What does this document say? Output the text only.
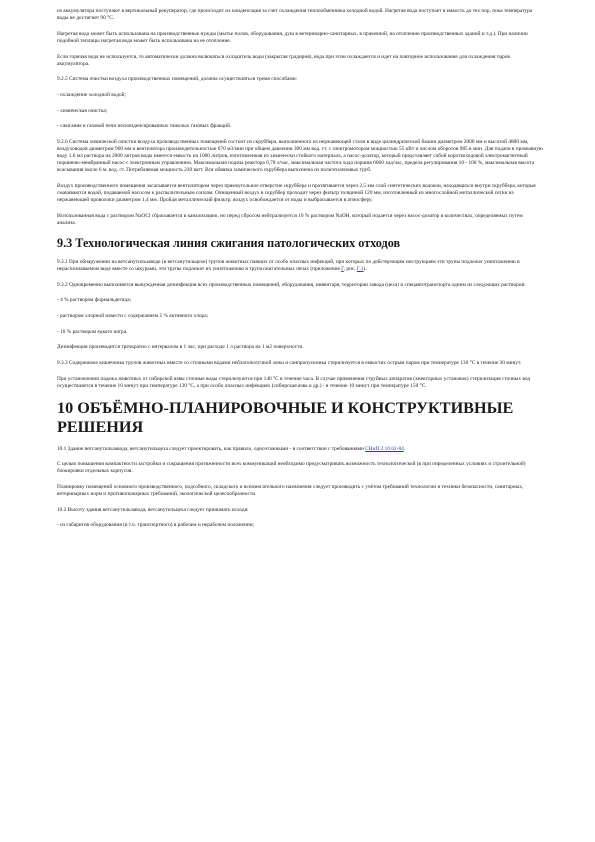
из аккумулятора поступают в вертикальный рекуператор, где происходит их конденсация за счет охлаждения теплообменника холодной водой. Нагретая вода поступает в емкость до тех пор, пока температура воды не достигнет 90 °С.

Нагретая вода может быть использована на производственные нужды (мытье полов, оборудования, душ в ветеринарно-санитарных, в прачечной, на отопление производственных зданий и т.д.). При наличии подобной теплицы нагретая вода может быть использована на ее отопление.

Если горячая вода не используется, то автоматически должна включаться охладитель воды (закрытая градирня), вода при этом охлаждается и идет на повторное использование для охлаждения паров аккумулятора.

9.2.5 Система очистки воздуха производственных помещений, должна осуществляться тремя способами:

- охлаждение холодной водой;

- химическая очистка;

- сжигание в газовой печи несконденсированных тяжелых газовых фракций.

9.2.6 Система химической очистки воздуха производственных помещений состоит из скруббера, выполненного из нержавеющей стали в виде цилиндрической башни диаметром 2000 мм и высотой 4800 мм, воздуховодов диаметром 900 мм и вентилятора производительностью 670 м3/мин при общем давлении 300 мм вод. ст. с электромотором мощностью 55 кВт и числом оборотов 985 в мин. Для подачи в промывную воду 1.6 мл раствора на 2000 литров воды имеется емкость на 1000 литров, изготовленная из химически стойкого материала, а насос-дозатор, который представляет собой короткоходовой электромагнитный поршнево-мембранный насос с электронным управлением. Максимальная подача реактора 0,78 л/час, максимальная частота хода поршня 6000 ход/час, предела регулирования 10 - 100 %, максимальная высота всасывания около 6 м. вод. ст. Потребляемая мощность 230 ватт. Вся обвязка химического скруббера выполнена из полиэтиленовых труб.

Воздух производственного помещения засасывается вентилятором через прямоугольное отверстие скруббера и протягивается через 2,5 мм слой синтетических волокон, находящихся внутри скруббера, которые смачиваются водой, подаваемой насосом к распылительным соплам. Очищенный воздух в скруббер проходит через фильтр толщиной 120 мм, изготовленный из многослойной металлической сетки из нержавеющей проволоки диаметром 1,4 мм. Пройдя металлический фильтр, воздух освобождается от воды и выбрасывается в атмосферу.

Использованная вода с раствором NaOCl сбрасывается в канализацию, но перед сбросом нейтрализуется 10 % раствором NaOH, который подается через насос-дозатор в количествах, определяемых путем анализа.

9.3 Технологическая линия сжигания патологических отходов

9.3.1 При обнаружении на ветсанутильзаводе (в ветсанутильцехе) трупов животных павших от особо опасных инфекций, при которых по действующим инструкциям эти трупы подлежат уничтожению в нераспознаваемом виде вместе со шкурами, эти трупы подлежат их уничтожению в трупосжигательных печах (приложение Г, рис. Г.1).

9.3.2 Одновременно выполняется вынужденная дезинфекция всех производственных помещений, оборудования, инвентаря, территории завода (цеха) и спецавтотранспорта одним из следующих растворов:

- 4 % раствором формальдегида;

- раствором хлорной извести с содержанием 5 % активного хлора;

- 10 % раствором едкого натра.

Дезинфекция производится трехкратно с интервалом в 1 час, при расходе 1 л раствора на 1 м2 поверхности.

9.3.3 Содержимое кишечника трупов животных вместе со сточными водами неблагополучной зоны и санпропускника стерилизуется в емкостях острым паром при температуре 130 °С в течение 30 минут.

При установлении падежа животных от сибирской язвы сточные воды стерилизуются при 140 °С в течение часа. В случае применения струйных аппаратов (эжекторных установок) стерилизация сточных вод осуществляется в течение 10 минут при температуре 130 °С, а при особо опасных инфекциях (сибирская язва и др.) - в течение 10 минут при температуре 150 °С.

10 ОБЪЁМНО-ПЛАНИРОВОЧНЫЕ И КОНСТРУКТИВНЫЕ РЕШЕНИЯ

10.1 Здание ветсанутильзавода, ветсанутильцеха следует проектировать, как правило, одноэтажными - в соответствии с требованиями СНиП 2.10.02-84.

С целью повышения компактности застройки и сокращения протяженности всех коммуникаций необходимо предусматривать возможность технологической (в при определенных условиях и строительной) блокировки отдельных корпусов.

Планировку помещений основного производственного, подсобного, складского и вспомогательного назначения следует производить с учётом требований технологии и техники безопасности, санитарных, ветеринарных норм и противопожарных требований, экологической целесообразности.

10.2 Высоту здания ветсанутильзавода, ветсанутильцеха следует принимать исходя:

- из габаритов оборудования (в т.ч. транспортного) в рабочем и нерабочем положении;
